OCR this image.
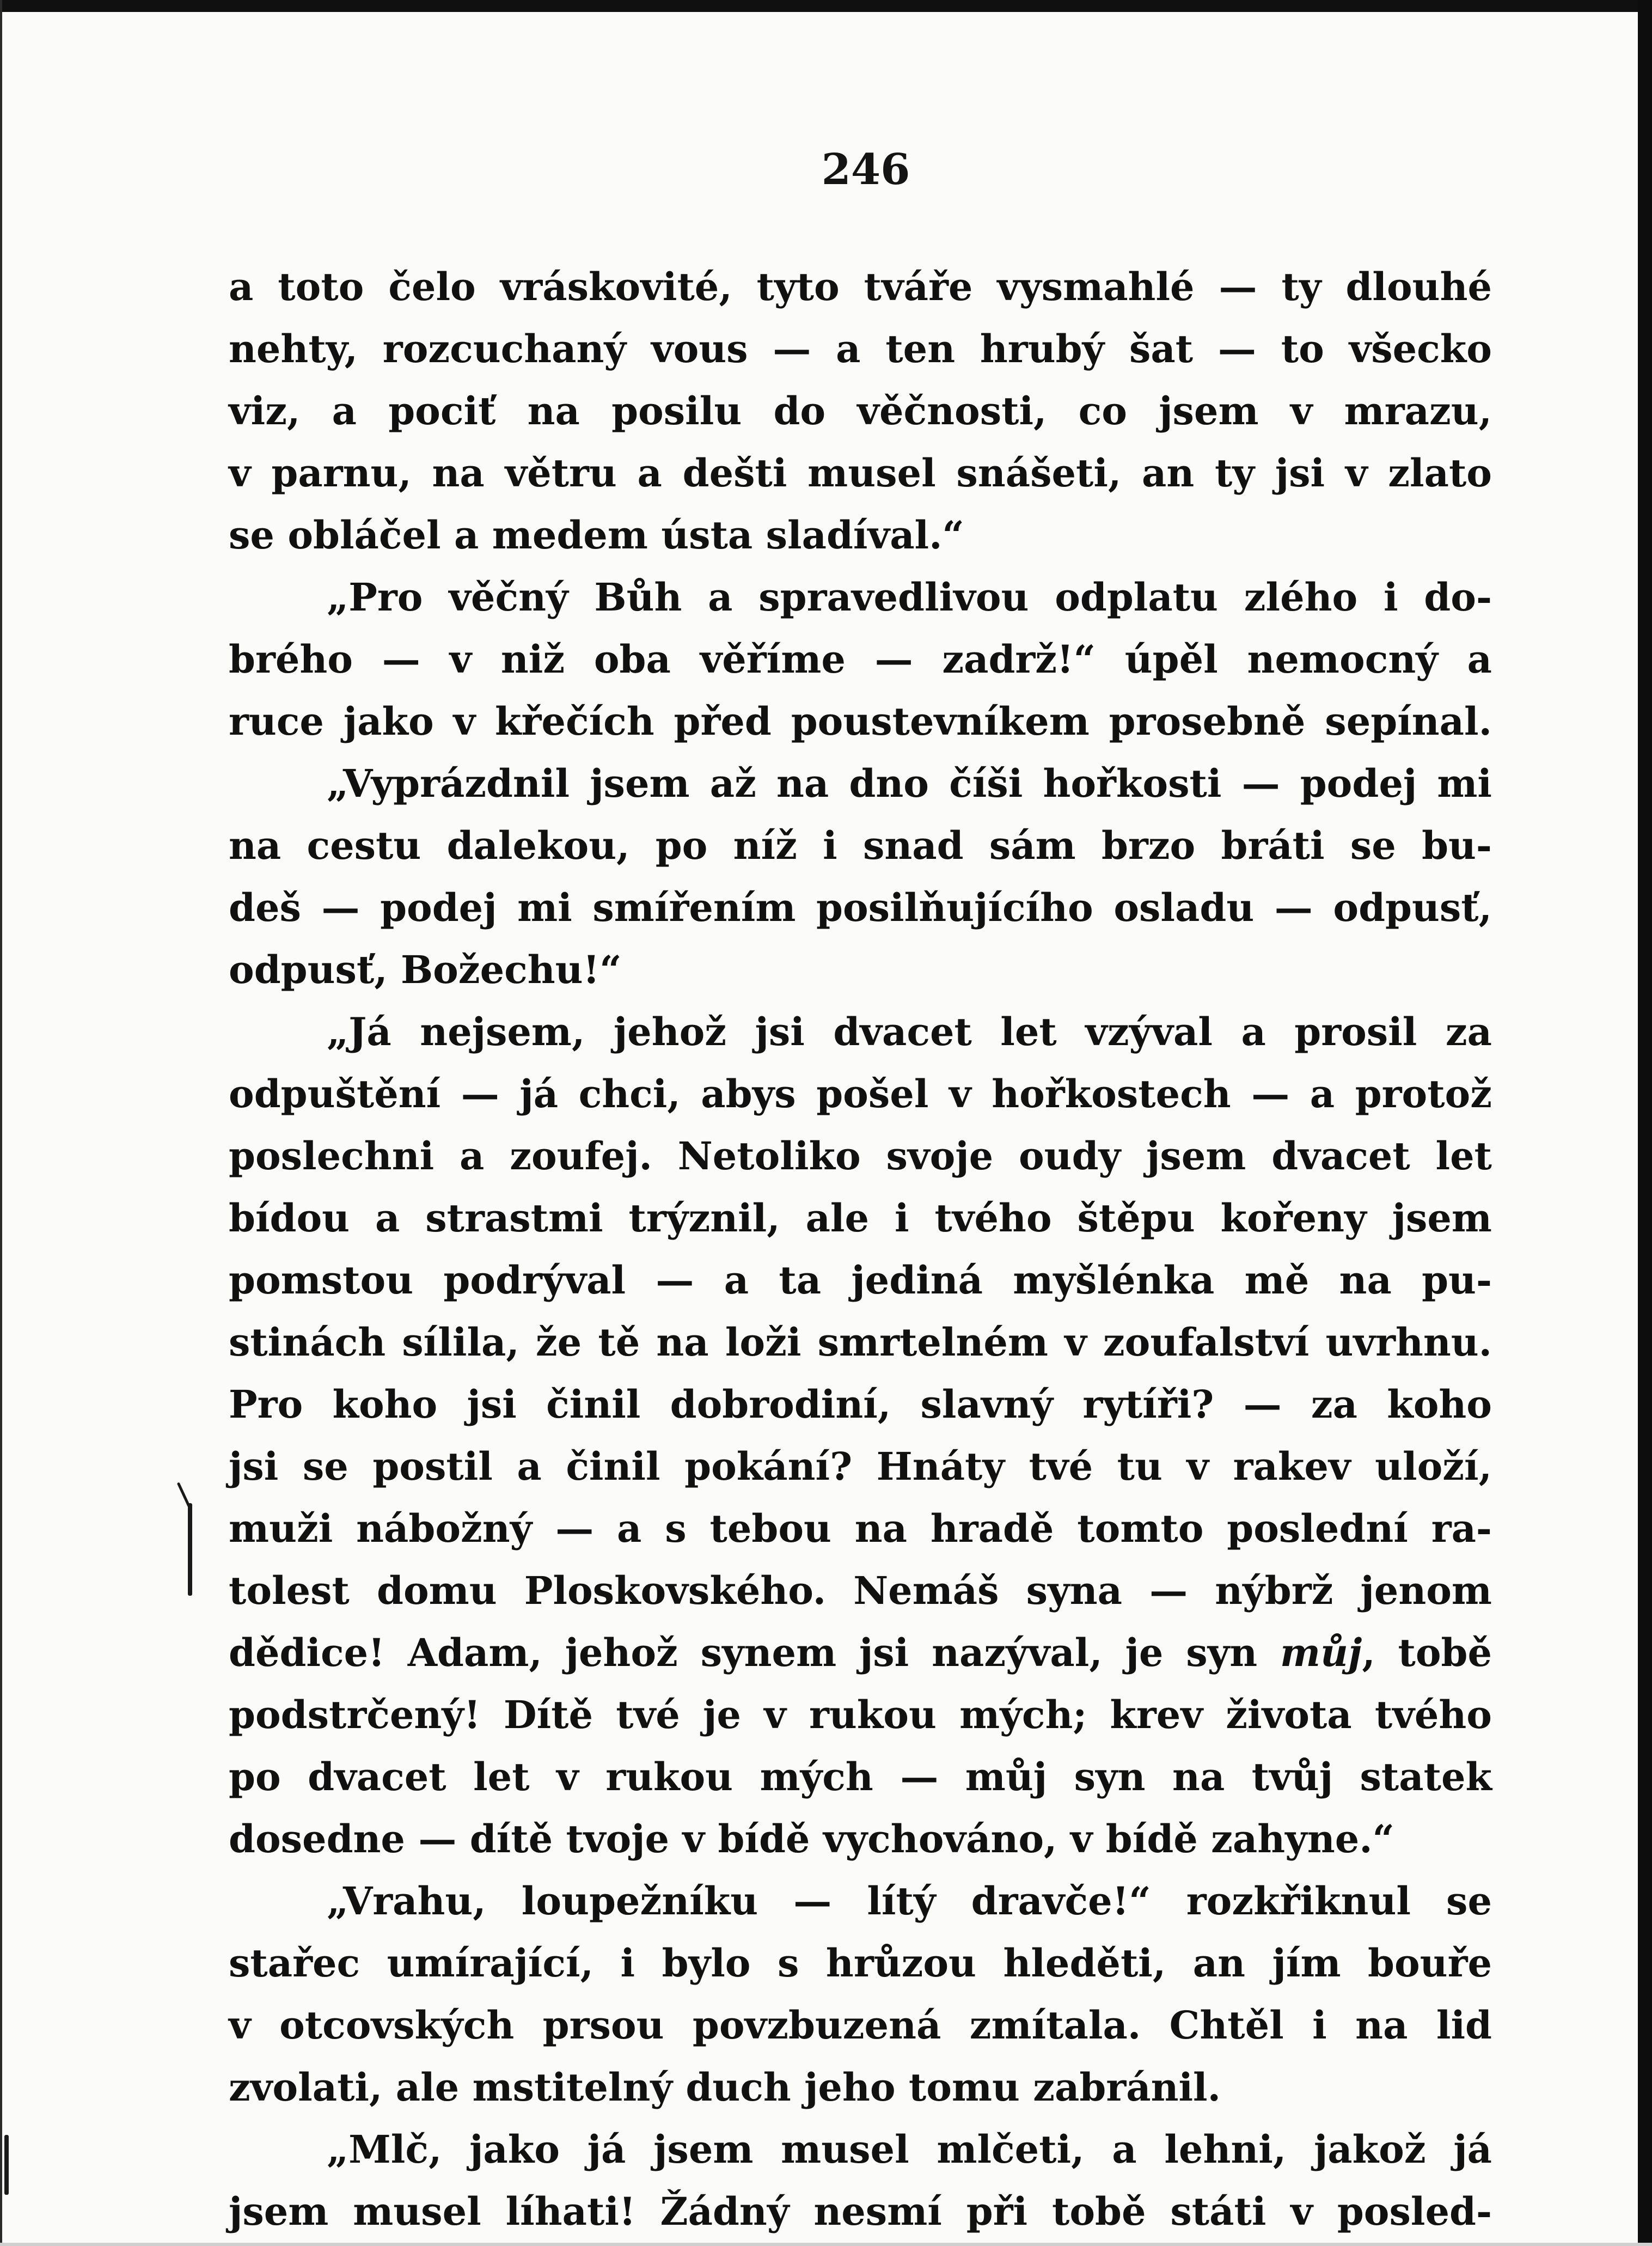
246
a toto čelo vráskovité, tyto tváře vysmahlé — ty dlouhé
nehty, rozcuchaný vous — a ten hrubý šat — to všecko
viz, a pociť na posilu do věčnosti, co jsem v mrazu,
v parnu, na větru a dešti musel snášeti, an ty jsi v zlato
se obláčel a medem ústa sladíval.“
„Pro věčný Bůh a spravedlivou odplatu zlého i do-
brého — v niž oba věříme — zadrž!“ úpěl nemocný a
ruce jako v křečích před poustevníkem prosebně sepínal.
„Vyprázdnil jsem až na dno číši hořkosti — podej mi
na cestu dalekou, po níž i snad sám brzo bráti se bu-
deš — podej mi smířením posilňujícího osladu — odpusť,
odpusť, Božechu!“
„Já nejsem, jehož jsi dvacet let vzýval a prosil za
odpuštění — já chci, abys pošel v hořkostech — a protož
poslechni a zoufej. Netoliko svoje oudy jsem dvacet let
bídou a strastmi trýznil, ale i tvého štěpu kořeny jsem
pomstou podrýval — a ta jediná myšlénka mě na pu-
stinách sílila, že tě na loži smrtelném v zoufalství uvrhnu.
Pro koho jsi činil dobrodiní, slavný rytíři? — za koho
jsi se postil a činil pokání? Hnáty tvé tu v rakev uloží,
muži nábožný — a s tebou na hradě tomto poslední ra-
tolest domu Ploskovského. Nemáš syna — nýbrž jenom
dědice! Adam, jehož synem jsi nazýval, je syn můj, tobě
podstrčený! Dítě tvé je v rukou mých; krev života tvého
po dvacet let v rukou mých — můj syn na tvůj statek
dosedne — dítě tvoje v bídě vychováno, v bídě zahyne.“
„Vrahu, loupežníku — lítý dravče!“ rozkřiknul se
stařec umírající, i bylo s hrůzou hleděti, an jím bouře
v otcovských prsou povzbuzená zmítala. Chtěl i na lid
zvolati, ale mstitelný duch jeho tomu zabránil.
„Mlč, jako já jsem musel mlčeti, a lehni, jakož já
jsem musel líhati! Žádný nesmí při tobě státi v posled-
